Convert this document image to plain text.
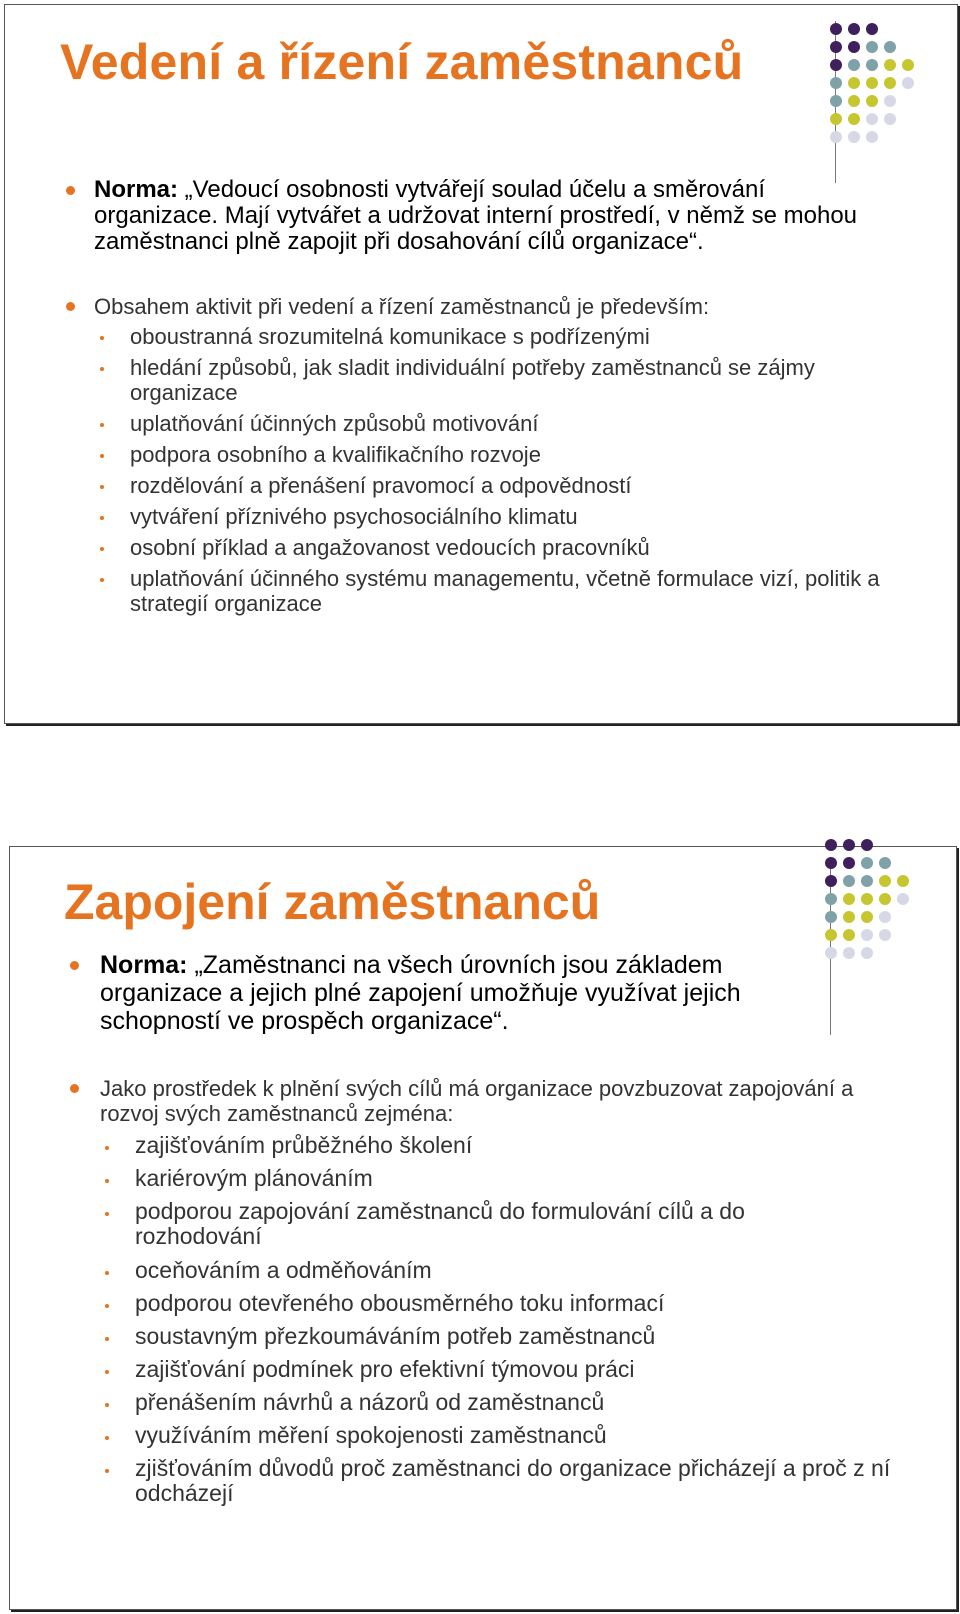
Vedení a řízení zaměstnanců
Norma: „Vedoucí osobnosti vytvářejí soulad účelu a směrování organizace. Mají vytvářet a udržovat interní prostředí, v němž se mohou zaměstnanci plně zapojit při dosahování cílů organizace“.
Obsahem aktivit při vedení a řízení zaměstnanců je především:
oboustranná srozumitelná komunikace s podřízenými
hledání způsobů, jak sladit individuální potřeby zaměstnanců se zájmy organizace
uplatňování účinných způsobů motivování
podpora osobního a kvalifikačního rozvoje
rozdělování a přenášení pravomocí a odpovědností
vytváření příznivého psychosociálního klimatu
osobní příklad a angažovanost vedoucích pracovníků
uplatňování účinného systému managementu, včetně formulace vizí, politik a strategií organizace
Zapojení zaměstnanců
Norma: „Zaměstnanci na všech úrovních jsou základem organizace a jejich plné zapojení umožňuje využívat jejich schopností ve prospěch organizace“.
Jako prostředek k plnění svých cílů má organizace povzbuzovat zapojování a rozvoj svých zaměstnanců zejména:
zajišťováním průběžného školení
kariérovým plánováním
podporou zapojování zaměstnanců do formulování cílů a do rozhodování
oceňováním a odměňováním
podporou otevřeného obousměrného toku informací
soustavným přezkoumáváním potřeb zaměstnanců
zajišťování podmínek pro efektivní týmovou práci
přenášením návrhů a názorů od zaměstnanců
využíváním měření spokojenosti zaměstnanců
zjišťováním důvodů proč zaměstnanci do organizace přicházejí a proč z ní odcházejí
